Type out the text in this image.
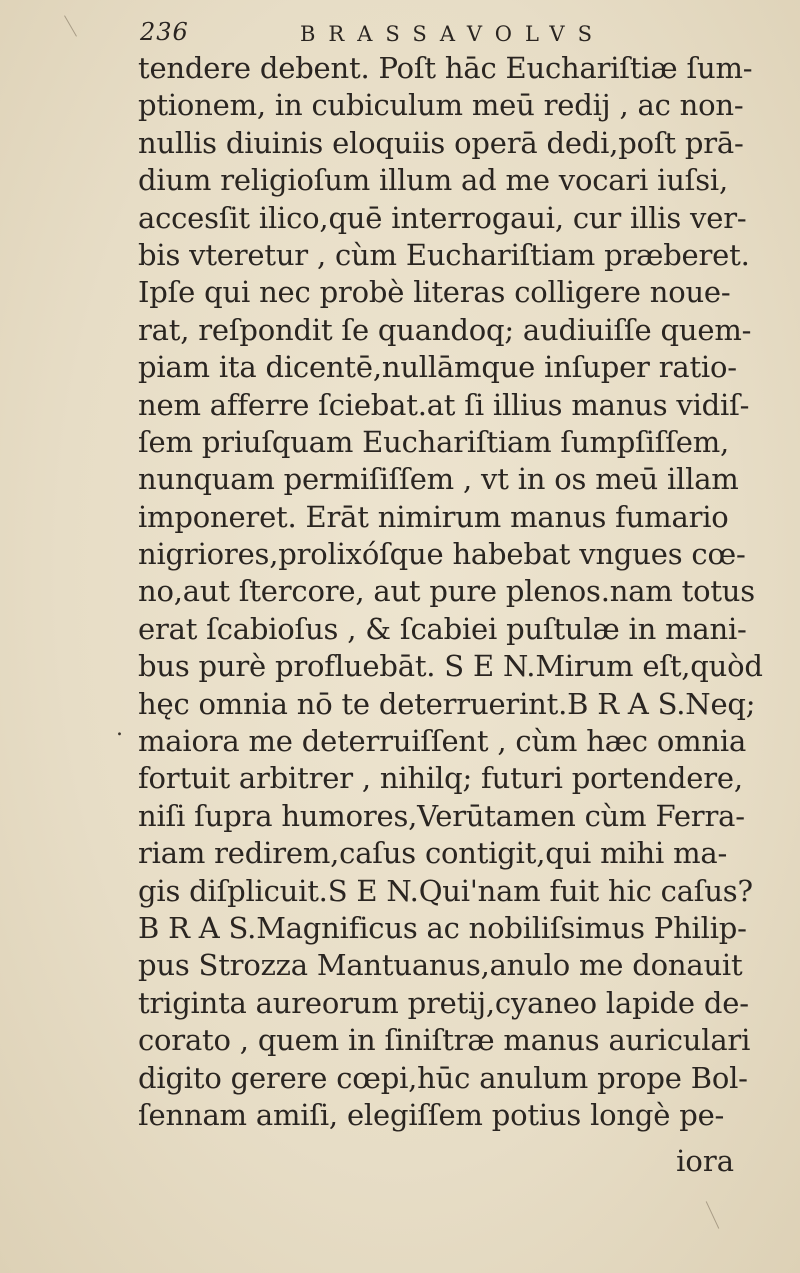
236	BRASSAVOLVS
tendere debent. Poſt hāc Euchariſtiæ ſum-
ptionem, in cubiculum meū redij , ac non-
nullis diuinis eloquiis operā dedi,poſt prā-
dium religioſum illum ad me vocari iuſsi,
accesſit ilico,quē interrogaui, cur illis ver-
bis vteretur , cùm Euchariſtiam præberet.
Ipſe qui nec probè literas colligere noue-
rat, reſpondit ſe quandoq; audiuiſſe quem-
piam ita dicentē,nullāmque inſuper ratio-
nem afferre ſciebat.at ſi illius manus vidiſ-
ſem priuſquam Euchariſtiam ſumpſiſſem,
nunquam permiſiſſem , vt in os meū illam
imponeret. Erāt nimirum manus fumario
nigriores,prolixóſque habebat vngues cœ-
no,aut ſtercore, aut pure plenos.nam totus
erat ſcabioſus , & ſcabiei puſtulæ in mani-
bus purè profluebāt. S E N.Mirum eſt,quòd
hęc omnia nō te deterruerint.B R A S.Neq;
maiora me deterruiſſent , cùm hæc omnia
fortuit arbitrer , nihilq; futuri portendere,
niſi ſupra humores,Verūtamen cùm Ferra-
riam redirem,caſus contigit,qui mihi ma-
gis diſplicuit.S E N.Qui'nam fuit hic caſus?
B R A S.Magnificus ac nobiliſsimus Philip-
pus Strozza Mantuanus,anulo me donauit
triginta aureorum pretij,cyaneo lapide de-
corato , quem in ſiniſtræ manus auriculari
digito gerere cœpi,hūc anulum prope Bol-
ſennam amiſi, elegiſſem potius longè pe-
iora
.
